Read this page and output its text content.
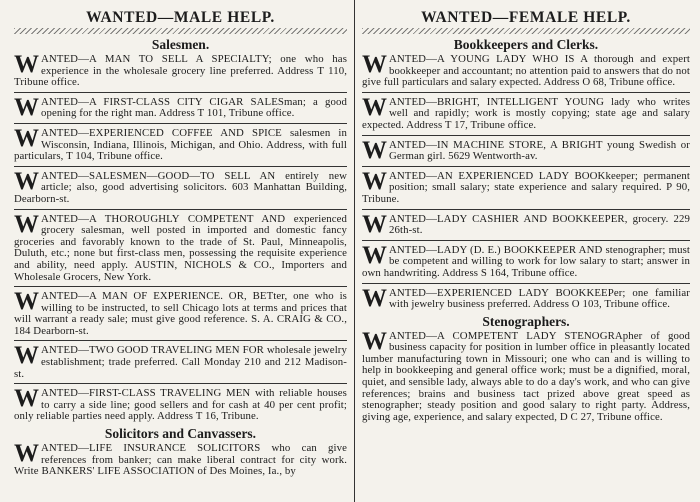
WANTED—MALE HELP.
Salesmen.
WANTED—A MAN TO SELL A SPECIALTY; one who has experience in the wholesale grocery line preferred. Address T 110, Tribune office.
WANTED—A FIRST-CLASS CITY CIGAR SALESman; a good opening for the right man. Address T 101, Tribune office.
WANTED—EXPERIENCED COFFEE AND SPICE salesmen in Wisconsin, Indiana, Illinois, Michigan, and Ohio. Address, with full particulars, T 104, Tribune office.
WANTED—SALESMEN—GOOD—TO SELL AN entirely new article; also, good advertising solicitors. 603 Manhattan Building, Dearborn-st.
WANTED—A THOROUGHLY COMPETENT AND experienced grocery salesman, well posted in imported and domestic fancy groceries and favorably known to the trade of St. Paul, Minneapolis, Duluth, etc.; none but first-class men, possessing the requisite experience and ability, need apply. AUSTIN, NICHOLS & CO., Importers and Wholesale Grocers, New York.
WANTED—A MAN OF EXPERIENCE. OR, BETter, one who is willing to be instructed, to sell Chicago lots at terms and prices that will warrant a ready sale; must give good reference. S. A. CRAIG & CO., 184 Dearborn-st.
WANTED—TWO GOOD TRAVELING MEN FOR wholesale jewelry establishment; trade preferred. Call Monday 210 and 212 Madison-st.
WANTED—FIRST-CLASS TRAVELING MEN with reliable houses to carry a side line; good sellers and for cash at 40 per cent profit; only reliable parties need apply. Address T 16, Tribune.
Solicitors and Canvassers.
WANTED—LIFE INSURANCE SOLICITORS who can give references from banker; can make liberal contract for city work. Write BANKERS' LIFE ASSOCIATION of Des Moines, Ia., by
WANTED—FEMALE HELP.
Bookkeepers and Clerks.
WANTED—A YOUNG LADY WHO IS A thorough and expert bookkeeper and accountant; no attention paid to answers that do not give full particulars and salary expected. Address O 68, Tribune office.
WANTED—BRIGHT, INTELLIGENT YOUNG lady who writes well and rapidly; work is mostly copying; state age and salary expected. Address T 17, Tribune office.
WANTED—IN MACHINE STORE, A BRIGHT young Swedish or German girl. 5629 Wentworth-av.
WANTED—AN EXPERIENCED LADY BOOKkeeper; permanent position; small salary; state experience and salary required. P 90, Tribune.
WANTED—LADY CASHIER AND BOOKKEEPER, grocery. 229 26th-st.
WANTED—LADY (D. E.) BOOKKEEPER AND stenographer; must be competent and willing to work for low salary to start; answer in own handwriting. Address S 164, Tribune office.
WANTED—EXPERIENCED LADY BOOKKEEPer; one familiar with jewelry business preferred. Address O 103, Tribune office.
Stenographers.
WANTED—A COMPETENT LADY STENOGRApher of good business capacity for position in lumber office in pleasantly located lumber manufacturing town in Missouri; one who can and is willing to help in bookkeeping and general office work; must be a dignified, moral, quiet, and sensible lady, always able to do a day's work, and who can give references; brains and business tact prized above great speed as stenographer; steady position and good salary to right party. Address, giving age, experience, and salary expected, D C 27, Tribune office.
